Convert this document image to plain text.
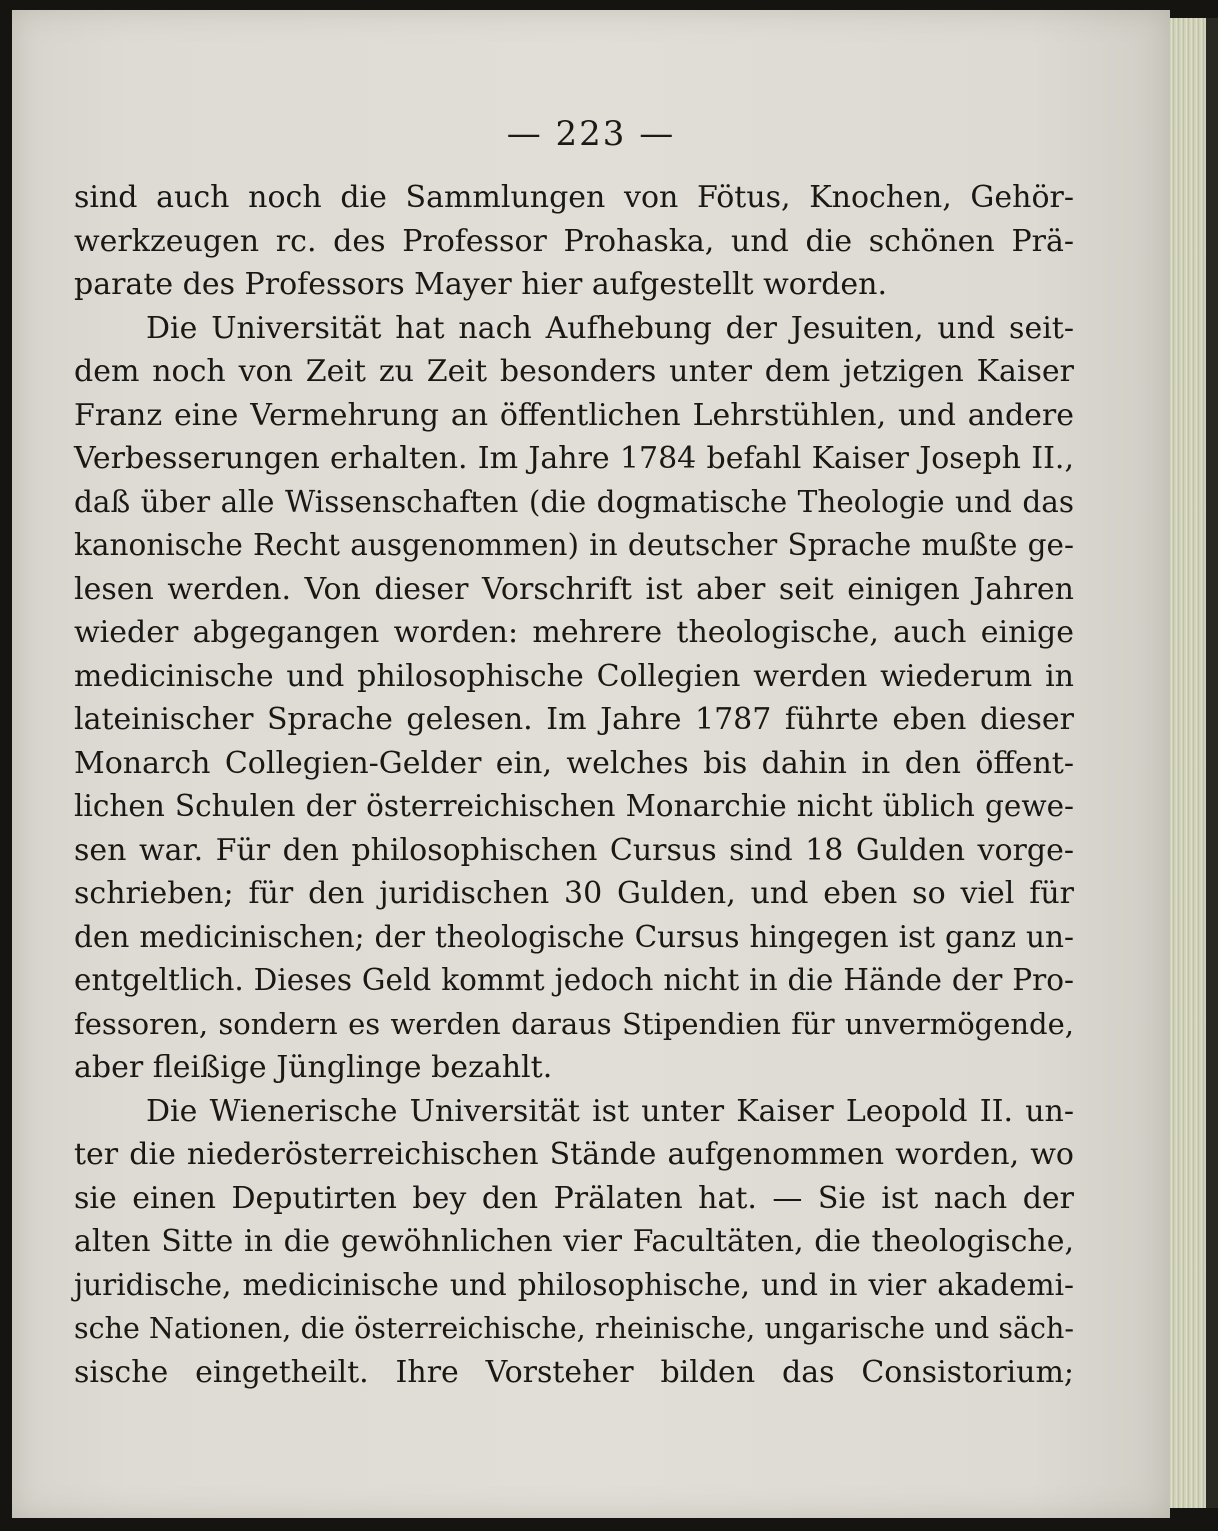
— 223 —
sind auch noch die Sammlungen von Fötus, Knochen, Gehör-
werkzeugen rc. des Professor Prohaska, und die schönen Prä-
parate des Professors Mayer hier aufgestellt worden.
Die Universität hat nach Aufhebung der Jesuiten, und seit-
dem noch von Zeit zu Zeit besonders unter dem jetzigen Kaiser
Franz eine Vermehrung an öffentlichen Lehrstühlen, und andere
Verbesserungen erhalten. Im Jahre 1784 befahl Kaiser Joseph II.,
daß über alle Wissenschaften (die dogmatische Theologie und das
kanonische Recht ausgenommen) in deutscher Sprache mußte ge-
lesen werden. Von dieser Vorschrift ist aber seit einigen Jahren
wieder abgegangen worden: mehrere theologische, auch einige
medicinische und philosophische Collegien werden wiederum in
lateinischer Sprache gelesen. Im Jahre 1787 führte eben dieser
Monarch Collegien-Gelder ein, welches bis dahin in den öffent-
lichen Schulen der österreichischen Monarchie nicht üblich gewe-
sen war. Für den philosophischen Cursus sind 18 Gulden vorge-
schrieben; für den juridischen 30 Gulden, und eben so viel für
den medicinischen; der theologische Cursus hingegen ist ganz un-
entgeltlich. Dieses Geld kommt jedoch nicht in die Hände der Pro-
fessoren, sondern es werden daraus Stipendien für unvermögende,
aber fleißige Jünglinge bezahlt.
Die Wienerische Universität ist unter Kaiser Leopold II. un-
ter die niederösterreichischen Stände aufgenommen worden, wo
sie einen Deputirten bey den Prälaten hat. — Sie ist nach der
alten Sitte in die gewöhnlichen vier Facultäten, die theologische,
juridische, medicinische und philosophische, und in vier akademi-
sche Nationen, die österreichische, rheinische, ungarische und säch-
sische eingetheilt. Ihre Vorsteher bilden das Consistorium;
